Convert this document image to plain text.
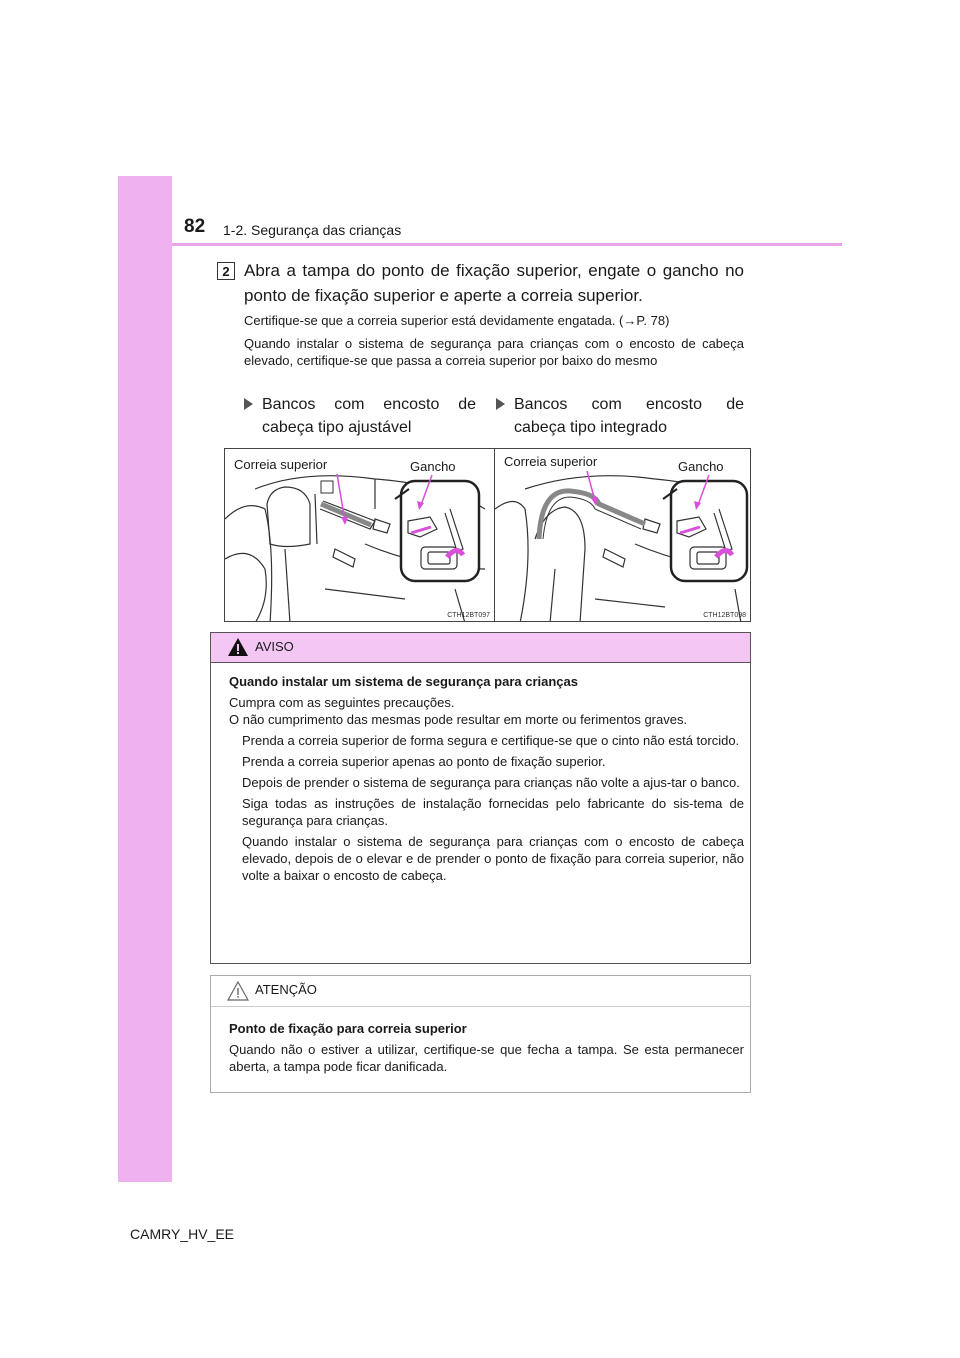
82 1-2. Segurança das crianças
2 Abra a tampa do ponto de fixação superior, engate o gancho no ponto de fixação superior e aperte a correia superior.
Certifique-se que a correia superior está devidamente engatada. (→P. 78)
Quando instalar o sistema de segurança para crianças com o encosto de cabeça elevado, certifique-se que passa a correia superior por baixo do mesmo
Bancos com encosto de
cabeça tipo ajustável
Bancos com encosto de
cabeça tipo integrado
Correia superior	Gancho
CTH12BT097
Correia superior	Gancho
CTH12BT098
AVISO
Quando instalar um sistema de segurança para crianças
Cumpra com as seguintes precauções.
O não cumprimento das mesmas pode resultar em morte ou ferimentos graves.
Prenda a correia superior de forma segura e certifique-se que o cinto não está torcido.
Prenda a correia superior apenas ao ponto de fixação superior.
Depois de prender o sistema de segurança para crianças não volte a ajus-tar o banco.
Siga todas as instruções de instalação fornecidas pelo fabricante do sis-tema de segurança para crianças.
Quando instalar o sistema de segurança para crianças com o encosto de cabeça elevado, depois de o elevar e de prender o ponto de fixação para correia superior, não volte a baixar o encosto de cabeça.
ATENÇÃO
Ponto de fixação para correia superior
Quando não o estiver a utilizar, certifique-se que fecha a tampa. Se esta permanecer aberta, a tampa pode ficar danificada.
CAMRY_HV_EE
